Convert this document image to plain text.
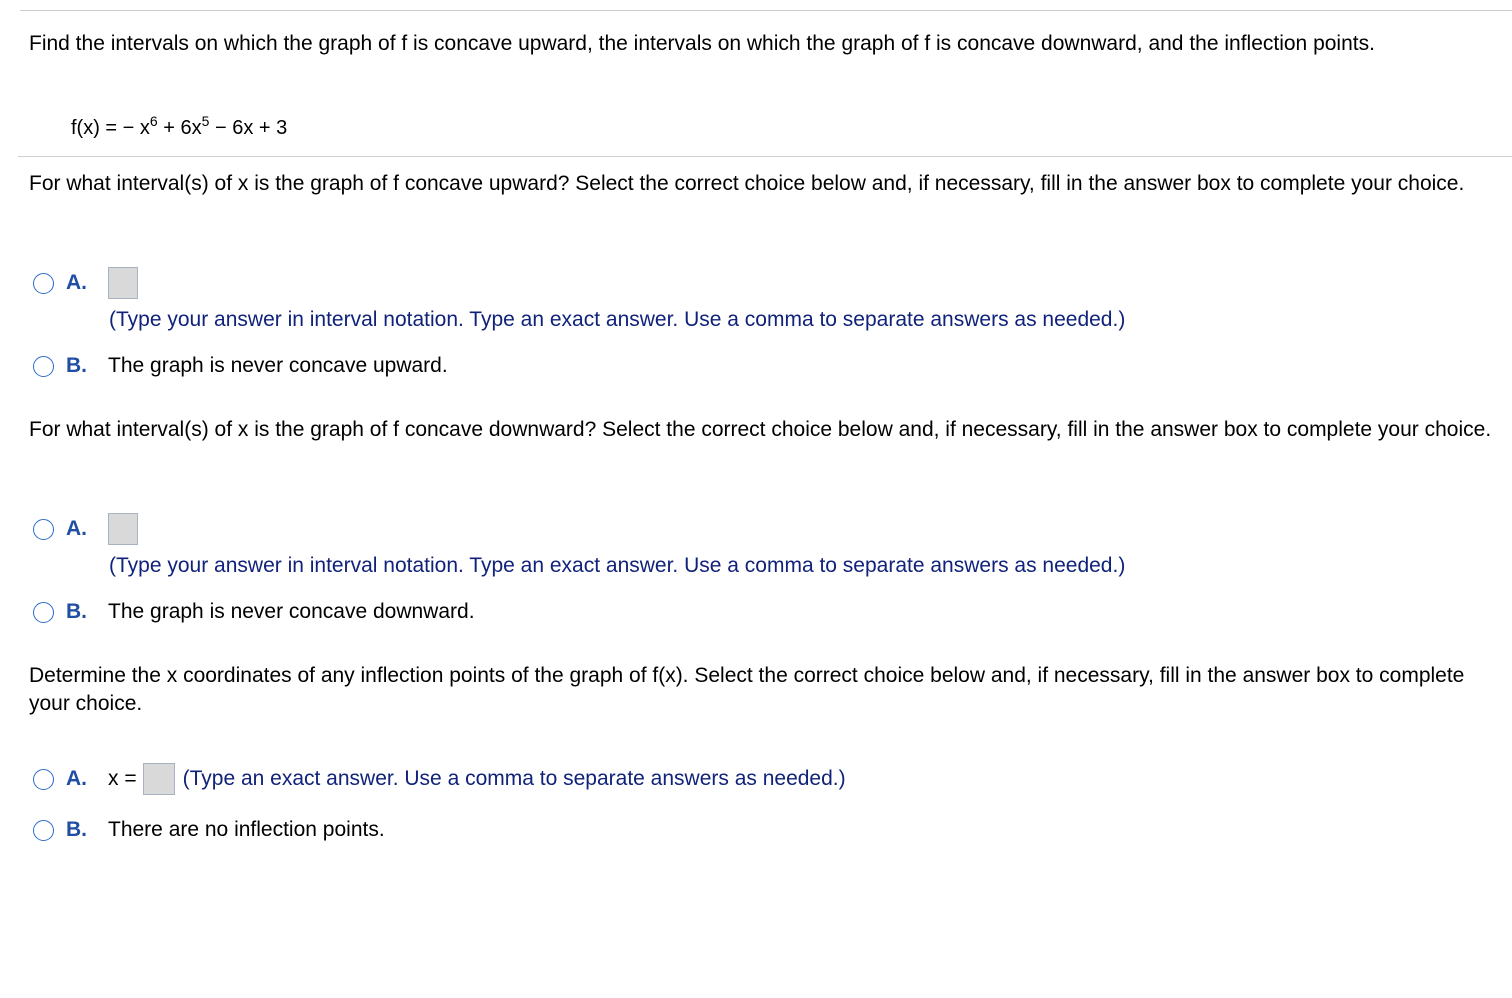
Find the intervals on which the graph of f is concave upward, the intervals on which the graph of f is concave downward, and the inflection points.

f(x) = − $x^6 + 6x^5 - 6x + 3$

For what interval(s) of x is the graph of f concave upward? Select the correct choice below and, if necessary, fill in the answer box to complete your choice.

A.
(Type your answer in interval notation. Type an exact answer. Use a comma to separate answers as needed.)
B.	The graph is never concave upward.

For what interval(s) of x is the graph of f concave downward? Select the correct choice below and, if necessary, fill in the answer box to complete your choice.

A.
(Type your answer in interval notation. Type an exact answer. Use a comma to separate answers as needed.)
B.	The graph is never concave downward.

Determine the x coordinates of any inflection points of the graph of f(x). Select the correct choice below and, if necessary, fill in the answer box to complete your choice.

A.	x = (Type an exact answer. Use a comma to separate answers as needed.)
B.	There are no inflection points.
